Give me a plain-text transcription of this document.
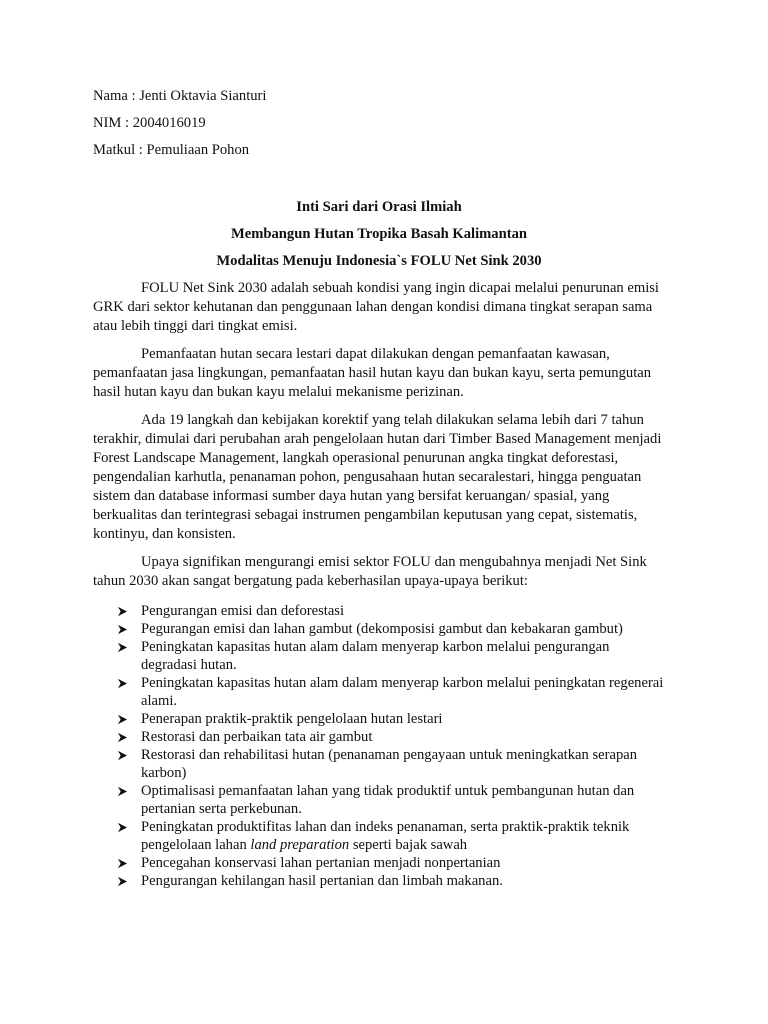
Nama : Jenti Oktavia Sianturi

NIM : 2004016019

Matkul : Pemuliaan Pohon

Inti Sari dari Orasi Ilmiah

Membangun Hutan Tropika Basah Kalimantan

Modalitas Menuju Indonesia`s FOLU Net Sink 2030

FOLU Net Sink 2030 adalah sebuah kondisi yang ingin dicapai melalui penurunan emisi GRK dari sektor kehutanan dan penggunaan lahan dengan kondisi dimana tingkat serapan sama atau lebih tinggi dari tingkat emisi.

Pemanfaatan hutan secara lestari dapat dilakukan dengan pemanfaatan kawasan, pemanfaatan jasa lingkungan, pemanfaatan hasil hutan kayu dan bukan kayu, serta pemungutan hasil hutan kayu dan bukan kayu melalui mekanisme perizinan.

Ada 19 langkah dan kebijakan korektif yang telah dilakukan selama lebih dari 7 tahun terakhir, dimulai dari perubahan arah pengelolaan hutan dari Timber Based Management menjadi Forest Landscape Management, langkah operasional penurunan angka tingkat deforestasi, pengendalian karhutla, penanaman pohon, pengusahaan hutan secaralestari, hingga penguatan sistem dan database informasi sumber daya hutan yang bersifat keruangan/ spasial, yang berkualitas dan terintegrasi sebagai instrumen pengambilan keputusan yang cepat, sistematis, kontinyu, dan konsisten.

Upaya signifikan mengurangi emisi sektor FOLU dan mengubahnya menjadi Net Sink tahun 2030 akan sangat bergatung pada keberhasilan upaya-upaya berikut:

Pengurangan emisi dan deforestasi
Pegurangan emisi dan lahan gambut (dekomposisi gambut dan kebakaran gambut)
Peningkatan kapasitas hutan alam dalam menyerap karbon melalui pengurangan degradasi hutan.
Peningkatan kapasitas hutan alam dalam menyerap karbon melalui peningkatan regenerai alami.
Penerapan praktik-praktik pengelolaan hutan lestari
Restorasi dan perbaikan tata air gambut
Restorasi dan rehabilitasi hutan (penanaman pengayaan untuk meningkatkan serapan karbon)
Optimalisasi pemanfaatan lahan yang tidak produktif untuk pembangunan hutan dan pertanian serta perkebunan.
Peningkatan produktifitas lahan dan indeks penanaman, serta praktik-praktik teknik pengelolaan lahan land preparation seperti bajak sawah
Pencegahan konservasi lahan pertanian menjadi nonpertanian
Pengurangan kehilangan hasil pertanian dan limbah makanan.
